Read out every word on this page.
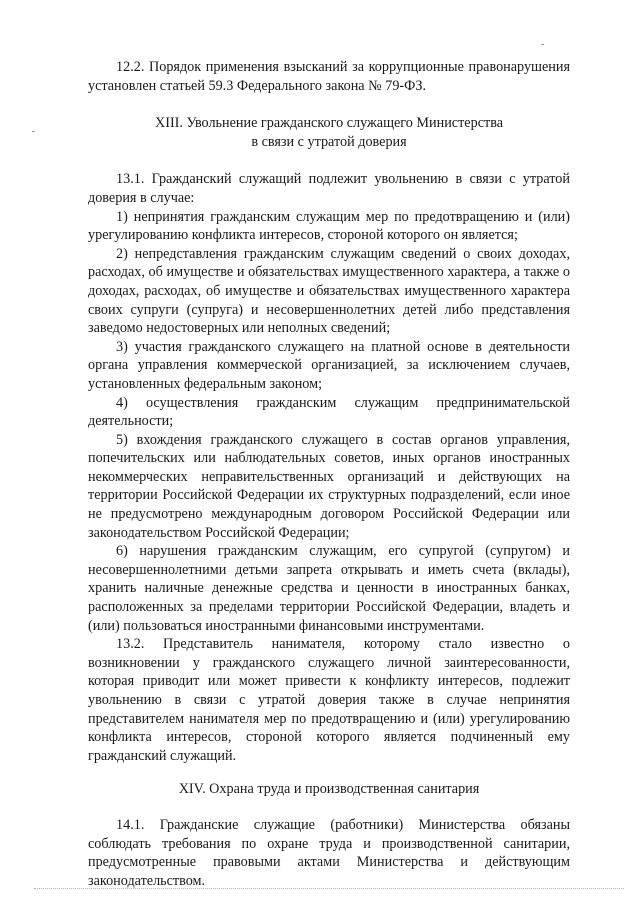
12.2. Порядок применения взысканий за коррупционные правонарушения установлен статьей 59.3 Федерального закона № 79-ФЗ.

XIII. Увольнение гражданского служащего Министерства

в связи с утратой доверия

13.1. Гражданский служащий подлежит увольнению в связи с утратой доверия в случае:

1) непринятия гражданским служащим мер по предотвращению и (или) урегулированию конфликта интересов, стороной которого он является;

2) непредставления гражданским служащим сведений о своих доходах, расходах, об имуществе и обязательствах имущественного характера, а также о доходах, расходах, об имуществе и обязательствах имущественного характера своих супруги (супруга) и несовершеннолетних детей либо представления заведомо недостоверных или неполных сведений;

3) участия гражданского служащего на платной основе в деятельности органа управления коммерческой организацией, за исключением случаев, установленных федеральным законом;

4) осуществления гражданским служащим предпринимательской деятельности;

5) вхождения гражданского служащего в состав органов управления, попечительских или наблюдательных советов, иных органов иностранных некоммерческих неправительственных организаций и действующих на территории Российской Федерации их структурных подразделений, если иное не предусмотрено международным договором Российской Федерации или законодательством Российской Федерации;

6) нарушения гражданским служащим, его супругой (супругом) и несовершеннолетними детьми запрета открывать и иметь счета (вклады), хранить наличные денежные средства и ценности в иностранных банках, расположенных за пределами территории Российской Федерации, владеть и (или) пользоваться иностранными финансовыми инструментами.

13.2. Представитель нанимателя, которому стало известно о возникновении у гражданского служащего личной заинтересованности, которая приводит или может привести к конфликту интересов, подлежит увольнению в связи с утратой доверия также в случае непринятия представителем нанимателя мер по предотвращению и (или) урегулированию конфликта интересов, стороной которого является подчиненный ему гражданский служащий.

XIV. Охрана труда и производственная санитария

14.1. Гражданские служащие (работники) Министерства обязаны соблюдать требования по охране труда и производственной санитарии, предусмотренные правовыми актами Министерства и действующим законодательством.
